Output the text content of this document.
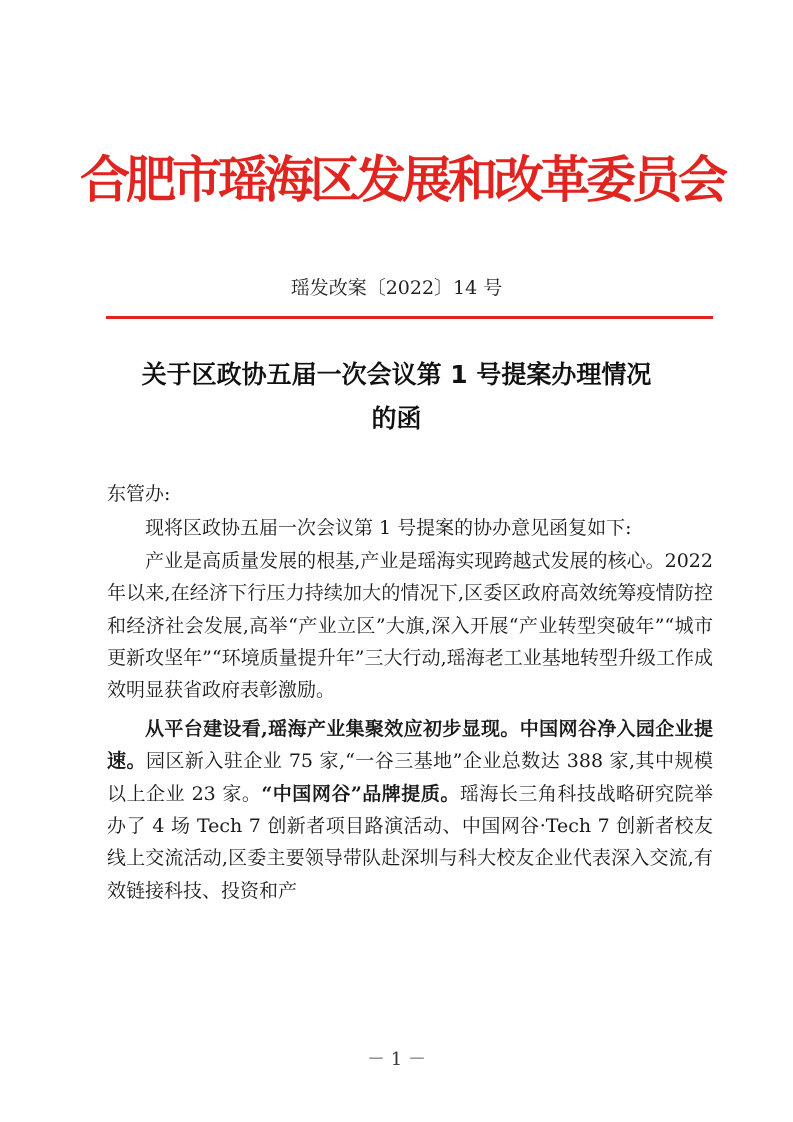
合肥市瑶海区发展和改革委员会
瑶发改案〔2022〕14 号
关于区政协五届一次会议第 1 号提案办理情况
的函

东管办:

现将区政协五届一次会议第 1 号提案的协办意见函复如下:

产业是高质量发展的根基,产业是瑶海实现跨越式发展的核心。2022 年以来,在经济下行压力持续加大的情况下,区委区政府高效统筹疫情防控和经济社会发展,高举“产业立区”大旗,深入开展“产业转型突破年”“城市更新攻坚年”“环境质量提升年”三大行动,瑶海老工业基地转型升级工作成效明显获省政府表彰激励。

从平台建设看,瑶海产业集聚效应初步显现。中国网谷净入园企业提速。园区新入驻企业 75 家,“一谷三基地”企业总数达 388 家,其中规模以上企业 23 家。“中国网谷”品牌提质。瑶海长三角科技战略研究院举办了 4 场 Tech 7 创新者项目路演活动、中国网谷·Tech 7 创新者校友线上交流活动,区委主要领导带队赴深圳与科大校友企业代表深入交流,有效链接科技、投资和产

－ 1 －
